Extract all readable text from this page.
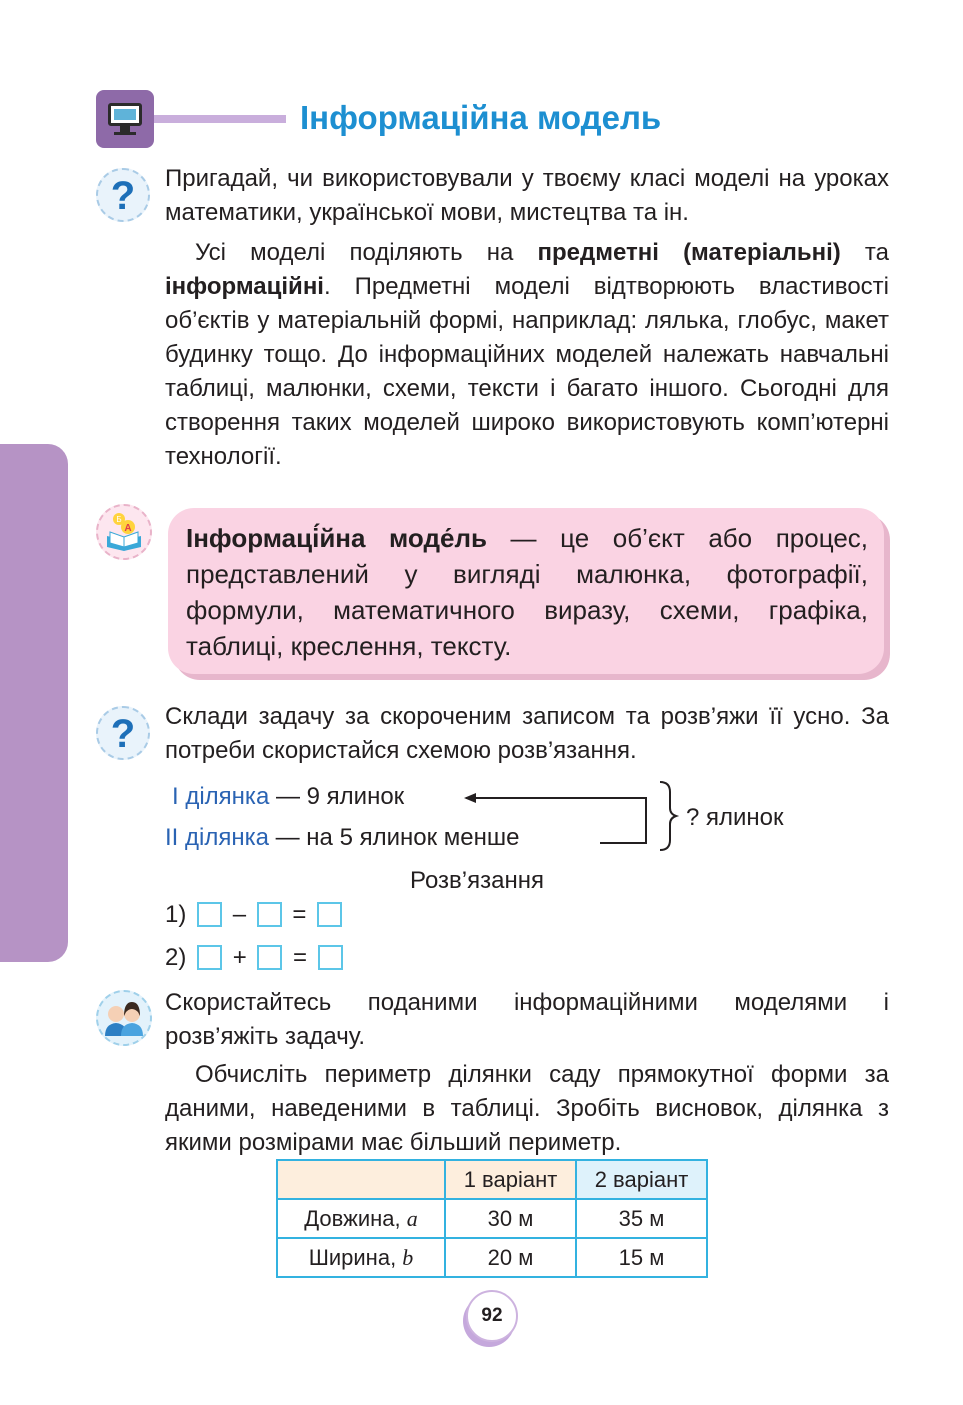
Інформаційна модель
?	Пригадай, чи використовували у твоєму класі моделі на уроках математики, української мови, мистецтва та ін.

Усі моделі поділяють на предметні (матеріальні) та інформаційні. Предметні моделі відтворюють властивості об’єктів у матеріальній формі, наприклад: лялька, глобус, макет будинку тощо. До інформаційних моделей належать навчальні таблиці, малюнки, схеми, тексти і багато іншого. Сьогодні для створення таких моделей широко використовують комп’ютерні технології.

Б
А	Інформаці́йна моде́ль — це об’єкт або процес, представлений у вигляді малюнка, фотографії, формули, математичного виразу, схеми, графіка, таблиці, креслення, тексту.
?	Склади задачу за скороченим записом та розв’яжи її усно. За потреби скористайся схемою розв’язання.

І ділянка — 9 ялинок
ІІ ділянка — на 5 ялинок менше
? ялинок
Розв’язання
1) – =
2) + =

Скористайтесь поданими інформаційними моделями і розв’яжіть задачу.

Обчисліть периметр ділянки саду прямокутної форми за даними, наведеними в таблиці. Зробіть висновок, ділянка з якими розмірами має більший периметр.

	1 варіант	2 варіант
Довжина, a	30 м	35 м
Ширина, b	20 м	15 м
92
